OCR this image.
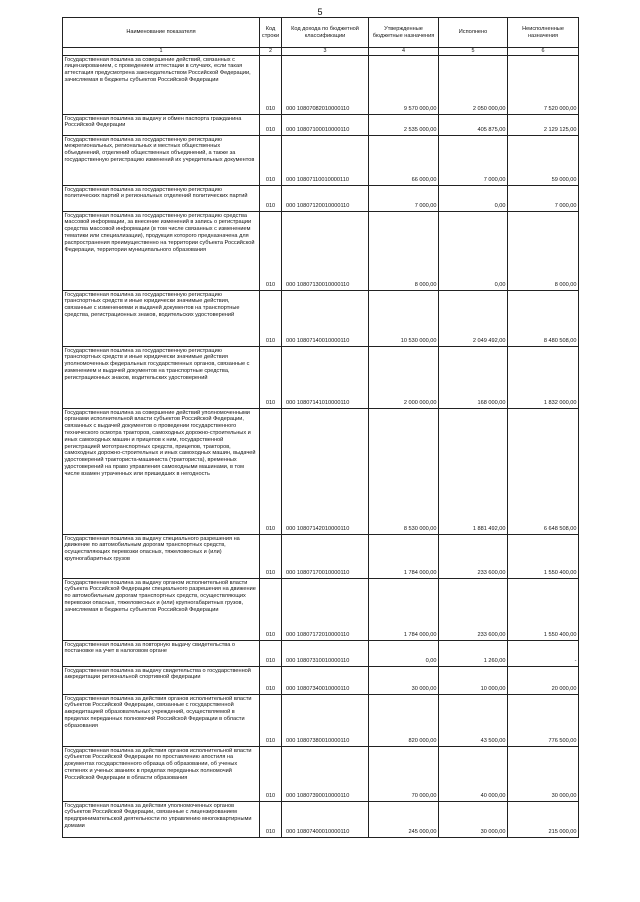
5
Наименование показателя	Код строки	Код дохода по бюджетной классификации	Утвержденные бюджетные назначения	Исполнено	Неисполненные назначения
1	2	3	4	5	6
Государственная пошлина за совершение действий, связанных с лицензированием, с проведением аттестации в случаях, если такая аттестация предусмотрена законодательством Российской Федерации, зачисляемая в бюджеты субъектов Российской Федерации	010	000 10807082010000110	9 570 000,00	2 050 000,00	7 520 000,00
Государственная пошлина за выдачу и обмен паспорта гражданина Российской Федерации	010	000 10807100010000110	2 535 000,00	405 875,00	2 129 125,00
Государственная пошлина за государственную регистрацию межрегиональных, региональных и местных общественных объединений, отделений общественных объединений, а также за государственную регистрацию изменений их учредительных документов	010	000 10807110010000110	66 000,00	7 000,00	59 000,00
Государственная пошлина за государственную регистрацию политических партий и региональных отделений политических партий	010	000 10807120010000110	7 000,00	0,00	7 000,00
Государственная пошлина за государственную регистрацию средства массовой информации, за внесение изменений в запись о регистрации средства массовой информации (в том числе связанных с изменением тематики или специализации), продукция которого предназначена для распространения преимущественно на территории субъекта Российской Федерации, территории муниципального образования	010	000 10807130010000110	8 000,00	0,00	8 000,00
Государственная пошлина за государственную регистрацию транспортных средств и иные юридически значимые действия, связанные с изменениями и выдачей документов на транспортные средства, регистрационных знаков, водительских удостоверений	010	000 10807140010000110	10 530 000,00	2 049 492,00	8 480 508,00
Государственная пошлина за государственную регистрацию транспортных средств и иные юридически значимые действия уполномоченных федеральных государственных органов, связанные с изменением и выдачей документов на транспортные средства, регистрационных знаков, водительских удостоверений	010	000 10807141010000110	2 000 000,00	168 000,00	1 832 000,00
Государственная пошлина за совершение действий уполномоченными органами исполнительной власти субъектов Российской Федерации, связанных с выдачей документов о проведении государственного технического осмотра тракторов, самоходных дорожно-строительных и иных самоходных машин и прицепов к ним, государственной регистрацией мототранспортных средств, прицепов, тракторов, самоходных дорожно-строительных и иных самоходных машин, выдачей удостоверений тракториста-машиниста (тракториста), временных удостоверений на право управления самоходными машинами, в том числе взамен утраченных или пришедших в негодность	010	000 10807142010000110	8 530 000,00	1 881 492,00	6 648 508,00
Государственная пошлина за выдачу специального разрешения на движение по автомобильным дорогам транспортных средств, осуществляющих перевозки опасных, тяжеловесных и (или) крупногабаритных грузов	010	000 10807170010000110	1 784 000,00	233 600,00	1 550 400,00
Государственная пошлина за выдачу органом исполнительной власти субъекта Российской Федерации специального разрешения на движение по автомобильным дорогам транспортных средств, осуществляющих перевозки опасных, тяжеловесных и (или) крупногабаритных грузов, зачисляемая в бюджеты субъектов Российской Федерации	010	000 10807172010000110	1 784 000,00	233 600,00	1 550 400,00
Государственная пошлина за повторную выдачу свидетельства о постановке на учет в налоговом органе	010	000 10807310010000110	0,00	1 260,00	-
Государственная пошлина за выдачу свидетельства о государственной аккредитации региональной спортивной федерации	010	000 10807340010000110	30 000,00	10 000,00	20 000,00
Государственная пошлина за действия органов исполнительной власти субъектов Российской Федерации, связанные с государственной аккредитацией образовательных учреждений, осуществляемой в пределах переданных полномочий Российской Федерации в области образования	010	000 10807380010000110	820 000,00	43 500,00	776 500,00
Государственная пошлина за действия органов исполнительной власти субъектов Российской Федерации по проставлению апостиля на документах государственного образца об образовании, об ученых степенях и ученых званиях в пределах переданных полномочий Российской Федерации в области образования	010	000 10807390010000110	70 000,00	40 000,00	30 000,00
Государственная пошлина за действия уполномоченных органов субъектов Российской Федерации, связанные с лицензированием предпринимательской деятельности по управлению многоквартирными домами	010	000 10807400010000110	245 000,00	30 000,00	215 000,00
